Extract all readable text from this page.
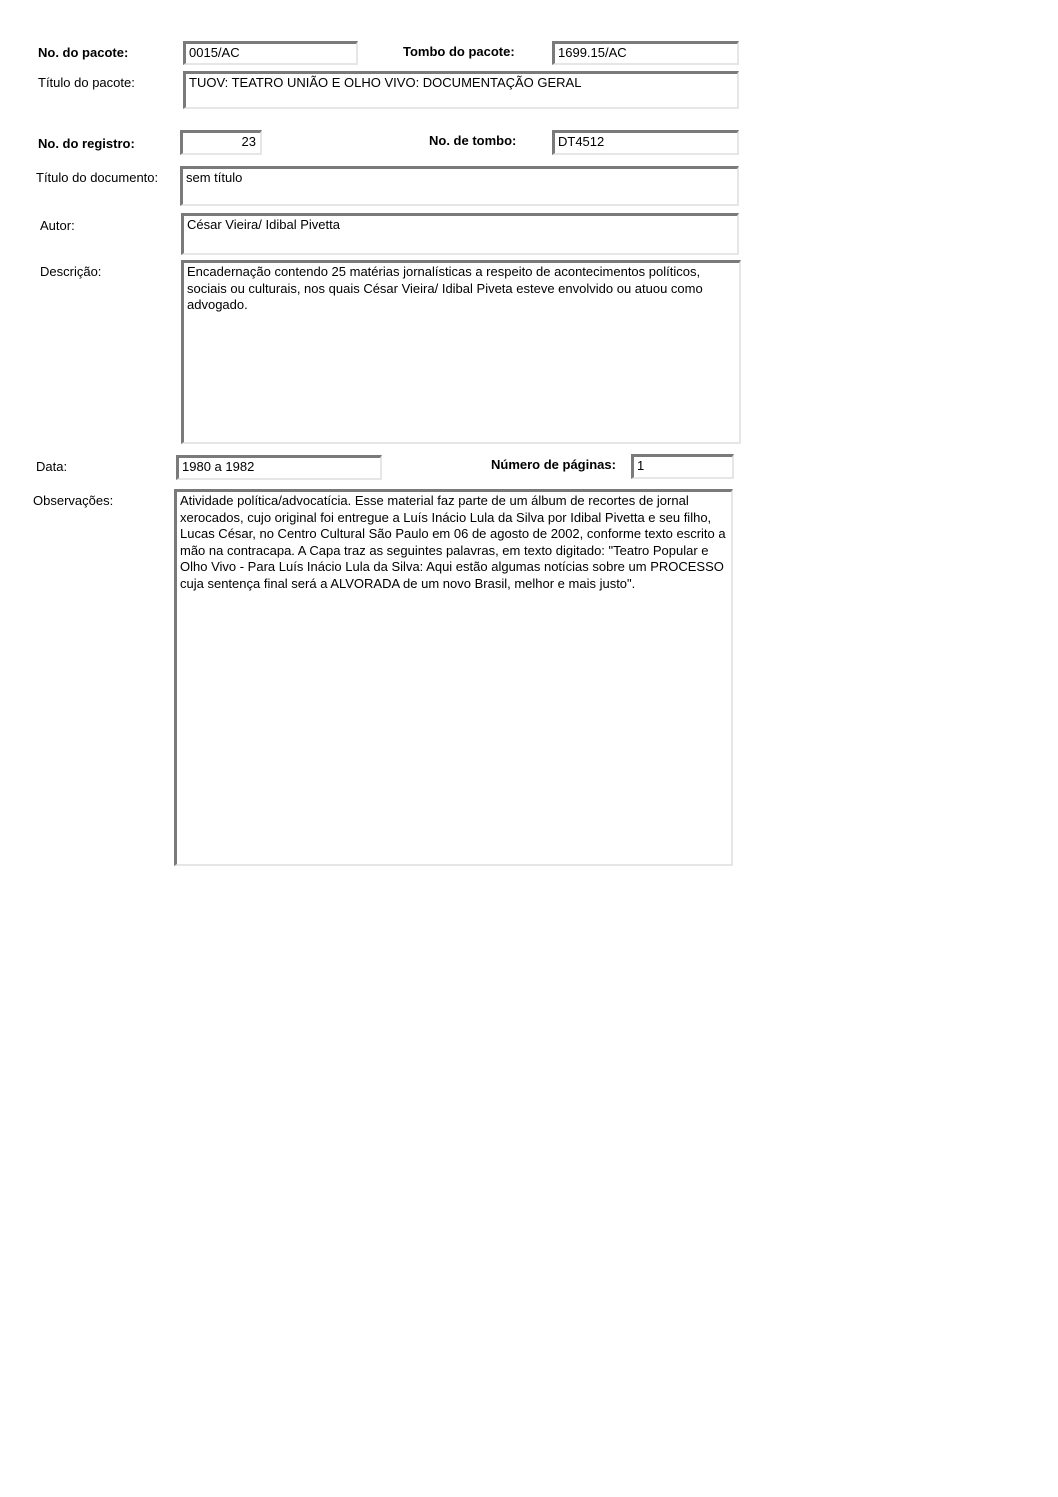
No. do pacote:	0015/AC	Tombo do pacote:	1699.15/AC
Título do pacote:	TUOV: TEATRO UNIÃO E OLHO VIVO: DOCUMENTAÇÃO GERAL
No. do registro:	23	No. de tombo:	DT4512
Título do documento:	sem título
Autor:	César Vieira/ Idibal Pivetta
Descrição:	Encadernação contendo 25 matérias jornalísticas a respeito de acontecimentos políticos, sociais ou culturais, nos quais César Vieira/ Idibal Piveta esteve envolvido ou atuou como advogado.
Data:	1980 a 1982	Número de páginas:	1
Observações:	Atividade política/advocatícia. Esse material faz parte de um álbum de recortes de jornal xerocados, cujo original foi entregue a Luís Inácio Lula da Silva por Idibal Pivetta e seu filho, Lucas César, no Centro Cultural São Paulo em 06 de agosto de 2002, conforme texto escrito a mão na contracapa. A Capa traz as seguintes palavras, em texto digitado: "Teatro Popular e Olho Vivo - Para Luís Inácio Lula da Silva: Aqui estão algumas notícias sobre um PROCESSO cuja sentença final será a ALVORADA de um novo Brasil, melhor e mais justo".
